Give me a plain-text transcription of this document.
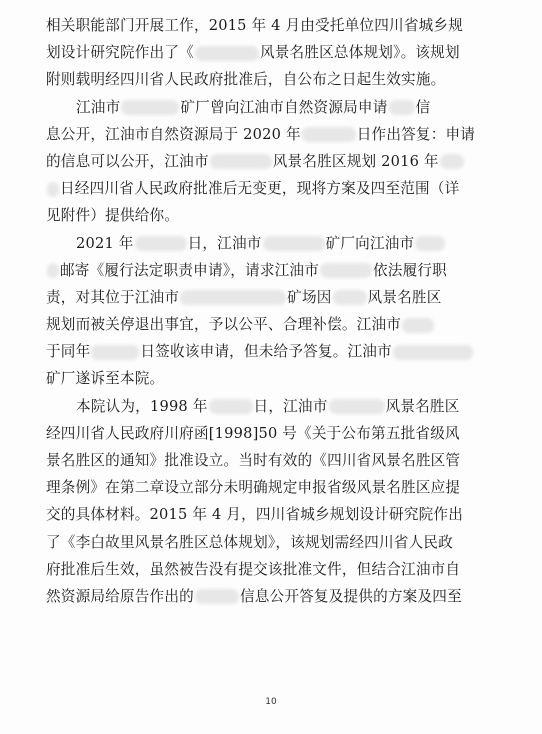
相关职能部门开展工作，2015 年 4 月由受托单位四川省城乡规
划设计研究院作出了《	风景名胜区总体规划》。该规划
附则载明经四川省人民政府批准后，自公布之日起生效实施。
江油市	矿厂曾向江油市自然资源局申请 信
息公开，江油市自然资源局于 2020 年	日作出答复：申请
的信息可以公开，江油市	风景名胜区规划 2016 年
日经四川省人民政府批准后无变更，现将方案及四至范围（详
见附件）提供给你。
2021 年	日，江油市	矿厂向江油市
邮寄《履行法定职责申请》，请求江油市	依法履行职
责，对其位于江油市	矿场因 风景名胜区
规划而被关停退出事宜，予以公平、合理补偿。江油市
于同年	日签收该申请，但未给予答复。江油市
矿厂遂诉至本院。
本院认为，1998 年	日，江油市	风景名胜区
经四川省人民政府川府函[1998]50 号《关于公布第五批省级风
景名胜区的通知》批准设立。当时有效的《四川省风景名胜区管
理条例》在第二章设立部分未明确规定申报省级风景名胜区应提
交的具体材料。2015 年 4 月，四川省城乡规划设计研究院作出
了《李白故里风景名胜区总体规划》，该规划需经四川省人民政
府批准后生效，虽然被告没有提交该批准文件，但结合江油市自
然资源局给原告作出的	信息公开答复及提供的方案及四至
10
